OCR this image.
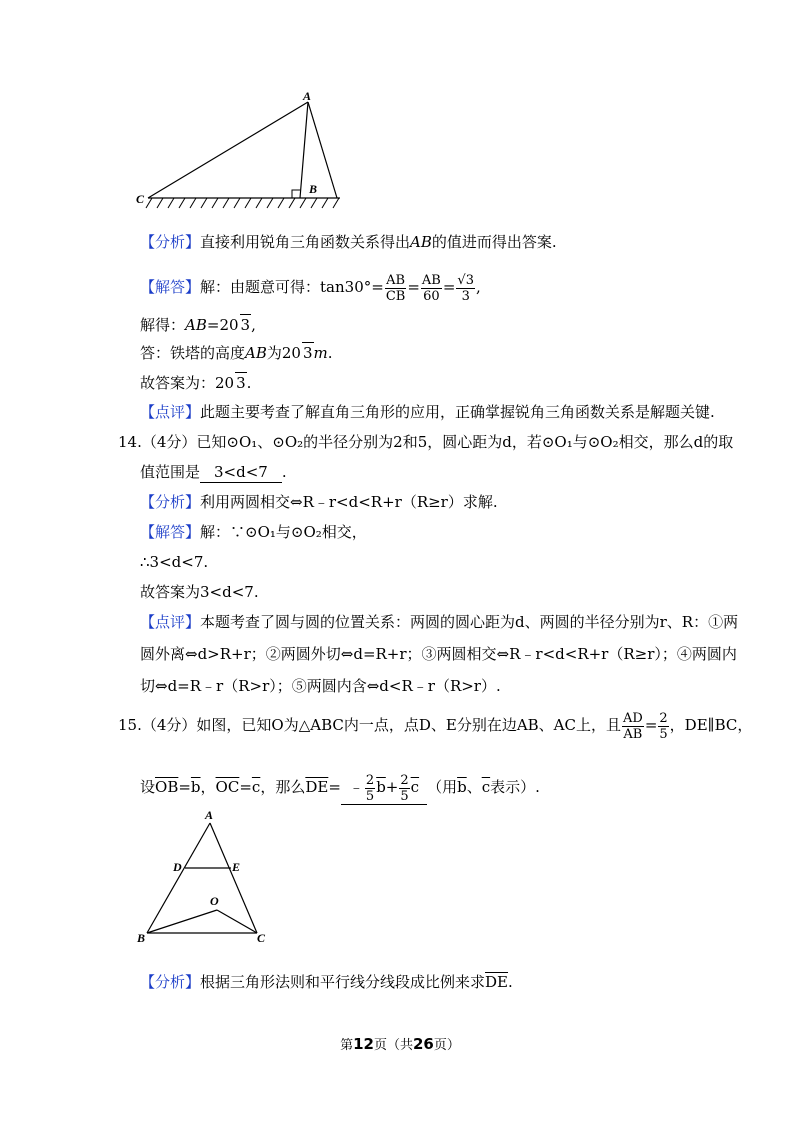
A
B
C
【分析】直接利用锐角三角函数关系得出AB的值进而得出答案.
【解答】解：由题意可得：$\tan 30^\circ= \frac{AB}{CB} = \frac{AB}{60} = \frac{√3}{3}$ ,
解得：AB=20 3,
答：铁塔的高度AB为20 3m.
故答案为：20 3.
【点评】此题主要考查了解直角三角形的应用，正确掌握锐角三角函数关系是解题关键.
14.（4分）已知⊙O₁、⊙O₂的半径分别为2和5，圆心距为d，若⊙O₁与⊙O₂相交，那么d的取
值范围是 3<d<7 .
【分析】利用两圆相交⇔R﹣r<d<R+r（R≥r）求解.
【解答】解：∵⊙O₁与⊙O₂相交，
∴3<d<7.
故答案为3<d<7.
【点评】本题考查了圆与圆的位置关系：两圆的圆心距为d、两圆的半径分别为r、R：①两
圆外离⇔d>R+r；②两圆外切⇔d=R+r；③两圆相交⇔R﹣r<d<R+r（R≥r）；④两圆内
切⇔d=R﹣r（R>r）；⑤两圆内含⇔d<R﹣r（R>r）.
15.（4分）如图，已知O为△ABC内一点，点D、E分别在边AB、AC上，且 $\frac{AD}{AB} = \frac{2}{5}$ ，DE∥BC，
设$\overline{OB}=\overline{b}$，$\overline{OC}=\overline{c}$，那么$\overline{DE}=$ ﹣ $\frac{2}{5} \overline{b}+ \frac{2}{5} \overline{c}$ （用$\overline{b}$、$\overline{c}$表示）.
A
D	E
O
B	C
【分析】根据三角形法则和平行线分线段成比例来求$\overline{DE}$.
第12页（共26页）
